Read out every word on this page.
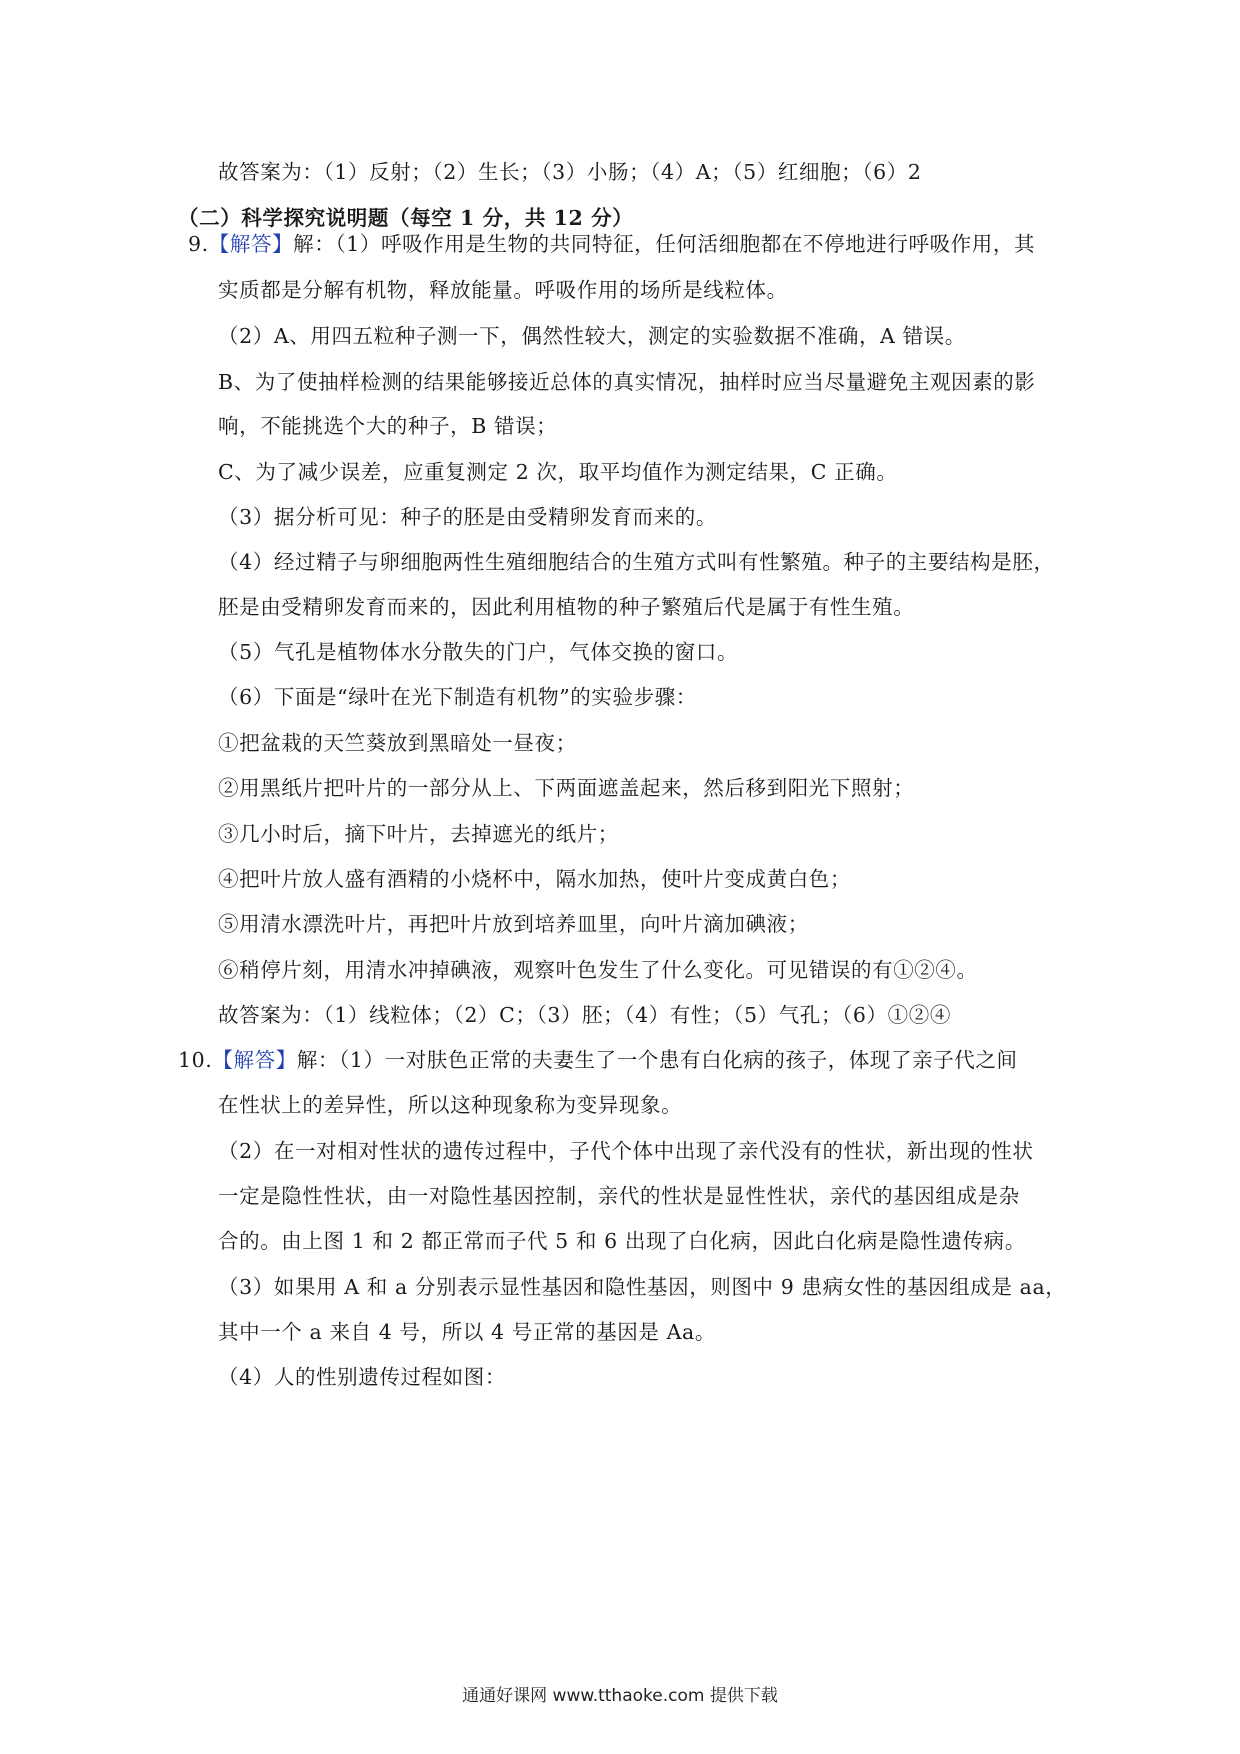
故答案为：（1）反射；（2）生长；（3）小肠；（4）A；（5）红细胞；（6）2
（二）科学探究说明题（每空 1 分，共 12 分）
9.【解答】解：（1）呼吸作用是生物的共同特征，任何活细胞都在不停地进行呼吸作用，其
实质都是分解有机物，释放能量。呼吸作用的场所是线粒体。
（2）A、用四五粒种子测一下，偶然性较大，测定的实验数据不准确，A 错误。
B、为了使抽样检测的结果能够接近总体的真实情况，抽样时应当尽量避免主观因素的影
响，不能挑选个大的种子，B 错误；
C、为了减少误差，应重复测定 2 次，取平均值作为测定结果，C 正确。
（3）据分析可见：种子的胚是由受精卵发育而来的。
（4）经过精子与卵细胞两性生殖细胞结合的生殖方式叫有性繁殖。种子的主要结构是胚，
胚是由受精卵发育而来的，因此利用植物的种子繁殖后代是属于有性生殖。
（5）气孔是植物体水分散失的门户，气体交换的窗口。
（6）下面是“绿叶在光下制造有机物”的实验步骤：
①把盆栽的天竺葵放到黑暗处一昼夜；
②用黑纸片把叶片的一部分从上、下两面遮盖起来，然后移到阳光下照射；
③几小时后，摘下叶片，去掉遮光的纸片；
④把叶片放人盛有酒精的小烧杯中，隔水加热，使叶片变成黄白色；
⑤用清水漂洗叶片，再把叶片放到培养皿里，向叶片滴加碘液；
⑥稍停片刻，用清水冲掉碘液，观察叶色发生了什么变化。可见错误的有①②④。
故答案为：（1）线粒体；（2）C；（3）胚；（4）有性；（5）气孔；（6）①②④
10.【解答】解：（1）一对肤色正常的夫妻生了一个患有白化病的孩子，体现了亲子代之间
在性状上的差异性，所以这种现象称为变异现象。
（2）在一对相对性状的遗传过程中，子代个体中出现了亲代没有的性状，新出现的性状
一定是隐性性状，由一对隐性基因控制，亲代的性状是显性性状，亲代的基因组成是杂
合的。由上图 1 和 2 都正常而子代 5 和 6 出现了白化病，因此白化病是隐性遗传病。
（3）如果用 A 和 a 分别表示显性基因和隐性基因，则图中 9 患病女性的基因组成是 aa，
其中一个 a 来自 4 号，所以 4 号正常的基因是 Aa。
（4）人的性别遗传过程如图：
通通好课网 www.tthaoke.com 提供下载
